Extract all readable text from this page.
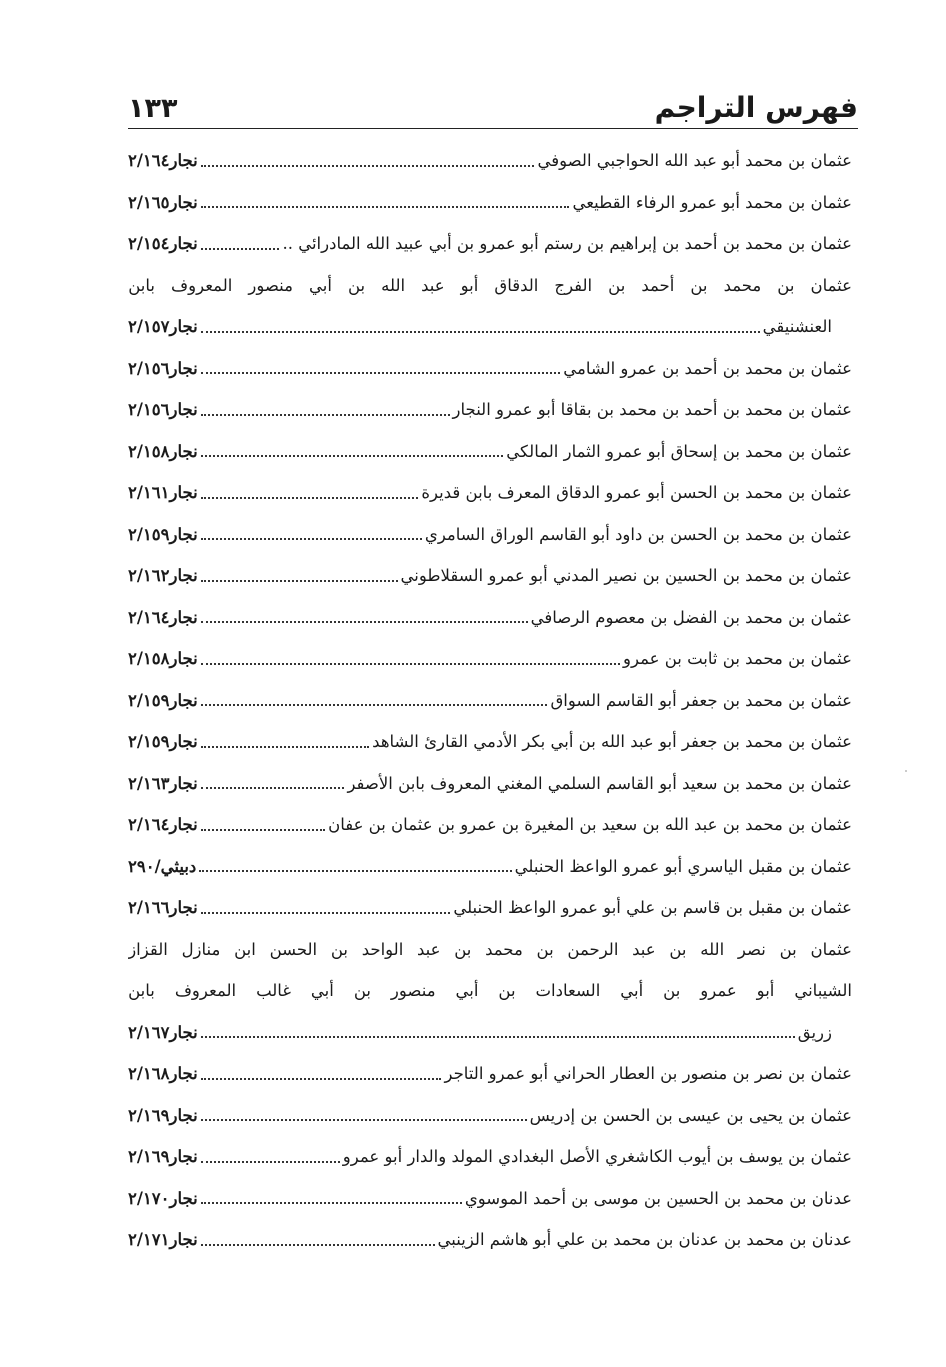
فهرس التراجم
١٣٣
عثمان بن محمد أبو عبد الله الحواجبي الصوفي
نجار٢/١٦٤
عثمان بن محمد أبو عمرو الرفاء القطيعي
نجار٢/١٦٥
عثمان بن محمد بن أحمد بن إبراهيم بن رستم أبو عمرو بن أبي عبيد الله المادرائي ..
نجار٢/١٥٤
عثمان
بن
محمد
بن
أحمد
بن
الفرج
الدقاق
أبو
عبد
الله
بن
أبي
منصور
المعروف
بابن
العنشنيقي
نجار٢/١٥٧
عثمان بن محمد بن أحمد بن عمرو الشامي
نجار٢/١٥٦
عثمان بن محمد بن أحمد بن محمد بن بقاقا أبو عمرو النجار
نجار٢/١٥٦
عثمان بن محمد بن إسحاق أبو عمرو الثمار المالكي
نجار٢/١٥٨
عثمان بن محمد بن الحسن أبو عمرو الدقاق المعرف بابن قديرة
نجار٢/١٦١
عثمان بن محمد بن الحسن بن داود أبو القاسم الوراق السامري
نجار٢/١٥٩
عثمان بن محمد بن الحسين بن نصير المدني أبو عمرو السقلاطوني
نجار٢/١٦٢
عثمان بن محمد بن الفضل بن معصوم الرصافي
نجار٢/١٦٤
عثمان بن محمد بن ثابت بن عمرو
نجار٢/١٥٨
عثمان بن محمد بن جعفر أبو القاسم السواق
نجار٢/١٥٩
عثمان بن محمد بن جعفر أبو عبد الله بن أبي بكر الأدمي القارئ الشاهد
نجار٢/١٥٩
عثمان بن محمد بن سعيد أبو القاسم السلمي المغني المعروف بابن الأصفر
نجار٢/١٦٣
عثمان بن محمد بن عبد الله بن سعيد بن المغيرة بن عمرو بن عثمان بن عفان
نجار٢/١٦٤
عثمان بن مقبل الياسري أبو عمرو الواعظ الحنبلي
دبيثي/٢٩٠
عثمان بن مقبل بن قاسم بن علي أبو عمرو الواعظ الحنبلي
نجار٢/١٦٦
عثمان
بن
نصر
الله
بن
عبد
الرحمن
بن
محمد
بن
عبد
الواحد
بن
الحسن
ابن
منازل
القزاز
الشيباني
أبو
عمرو
بن
أبي
السعادات
بن
أبي
منصور
بن
أبي
غالب
المعروف
بابن
زريق
نجار٢/١٦٧
عثمان بن نصر بن منصور بن العطار الحراني أبو عمرو التاجر
نجار٢/١٦٨
عثمان بن يحيى بن عيسى بن الحسن بن إدريس
نجار٢/١٦٩
عثمان بن يوسف بن أيوب الكاشغري الأصل البغدادي المولد والدار أبو عمرو
نجار٢/١٦٩
عدنان بن محمد بن الحسين بن موسى بن أحمد الموسوي
نجار٢/١٧٠
عدنان بن محمد بن عدنان بن محمد بن علي أبو هاشم الزينبي
نجار٢/١٧١
